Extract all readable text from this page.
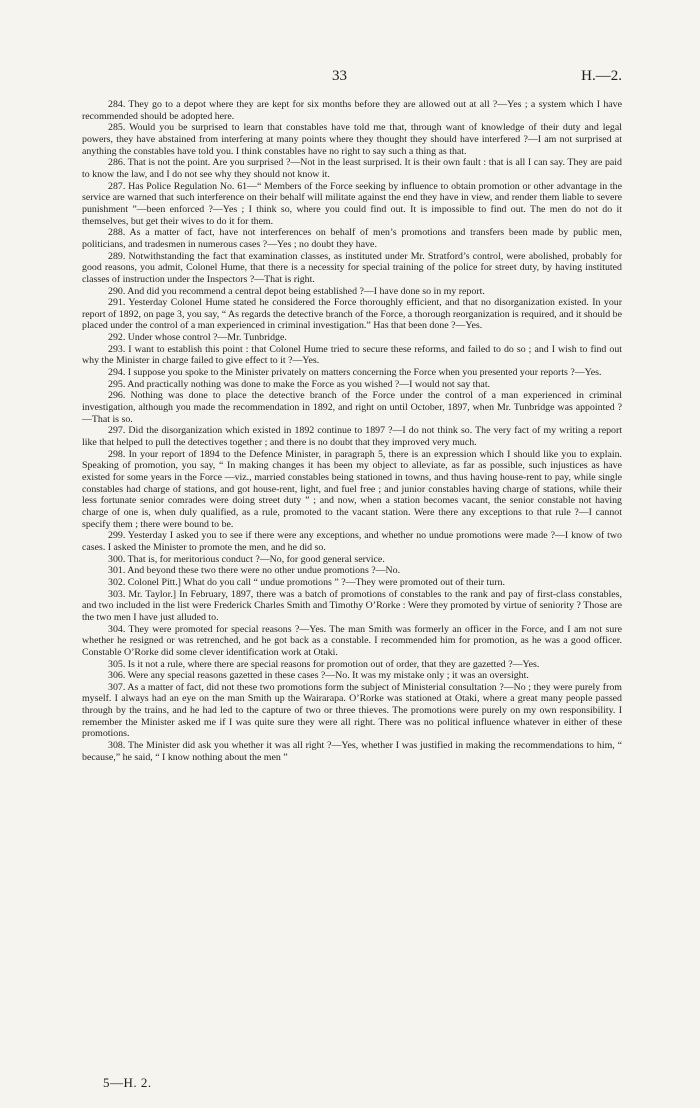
33	H.—2.

284. They go to a depot where they are kept for six months before they are allowed out at all ?—Yes ; a system which I have recommended should be adopted here.

285. Would you be surprised to learn that constables have told me that, through want of knowledge of their duty and legal powers, they have abstained from interfering at many points where they thought they should have interfered ?—I am not surprised at anything the constables have told you. I think constables have no right to say such a thing as that.

286. That is not the point. Are you surprised ?—Not in the least surprised. It is their own fault : that is all I can say. They are paid to know the law, and I do not see why they should not know it.

287. Has Police Regulation No. 61—“ Members of the Force seeking by influence to obtain promotion or other advantage in the service are warned that such interference on their behalf will militate against the end they have in view, and render them liable to severe punishment ”—been enforced ?—Yes ; I think so, where you could find out. It is impossible to find out. The men do not do it themselves, but get their wives to do it for them.

288. As a matter of fact, have not interferences on behalf of men’s promotions and transfers been made by public men, politicians, and tradesmen in numerous cases ?—Yes ; no doubt they have.

289. Notwithstanding the fact that examination classes, as instituted under Mr. Stratford’s control, were abolished, probably for good reasons, you admit, Colonel Hume, that there is a necessity for special training of the police for street duty, by having instituted classes of instruction under the Inspectors ?—That is right.

290. And did you recommend a central depot being established ?—I have done so in my report.

291. Yesterday Colonel Hume stated he considered the Force thoroughly efficient, and that no disorganization existed. In your report of 1892, on page 3, you say, “ As regards the detective branch of the Force, a thorough reorganization is required, and it should be placed under the control of a man experienced in criminal investigation.” Has that been done ?—Yes.

292. Under whose control ?—Mr. Tunbridge.

293. I want to establish this point : that Colonel Hume tried to secure these reforms, and failed to do so ; and I wish to find out why the Minister in charge failed to give effect to it ?—Yes.

294. I suppose you spoke to the Minister privately on matters concerning the Force when you presented your reports ?—Yes.

295. And practically nothing was done to make the Force as you wished ?—I would not say that.

296. Nothing was done to place the detective branch of the Force under the control of a man experienced in criminal investigation, although you made the recommendation in 1892, and right on until October, 1897, when Mr. Tunbridge was appointed ?—That is so.

297. Did the disorganization which existed in 1892 continue to 1897 ?—I do not think so. The very fact of my writing a report like that helped to pull the detectives together ; and there is no doubt that they improved very much.

298. In your report of 1894 to the Defence Minister, in paragraph 5, there is an expression which I should like you to explain. Speaking of promotion, you say, “ In making changes it has been my object to alleviate, as far as possible, such injustices as have existed for some years in the Force —viz., married constables being stationed in towns, and thus having house-rent to pay, while single constables had charge of stations, and got house-rent, light, and fuel free ; and junior constables having charge of stations, while their less fortunate senior comrades were doing street duty ” ; and now, when a station becomes vacant, the senior constable not having charge of one is, when duly qualified, as a rule, promoted to the vacant station. Were there any exceptions to that rule ?—I cannot specify them ; there were bound to be.

299. Yesterday I asked you to see if there were any exceptions, and whether no undue promotions were made ?—I know of two cases. I asked the Minister to promote the men, and he did so.

300. That is, for meritorious conduct ?—No, for good general service.

301. And beyond these two there were no other undue promotions ?—No.

302. Colonel Pitt.] What do you call “ undue promotions ” ?—They were promoted out of their turn.

303. Mr. Taylor.] In February, 1897, there was a batch of promotions of constables to the rank and pay of first-class constables, and two included in the list were Frederick Charles Smith and Timothy O’Rorke : Were they promoted by virtue of seniority ? Those are the two men I have just alluded to.

304. They were promoted for special reasons ?—Yes. The man Smith was formerly an officer in the Force, and I am not sure whether he resigned or was retrenched, and he got back as a constable. I recommended him for promotion, as he was a good officer. Constable O’Rorke did some clever identification work at Otaki.

305. Is it not a rule, where there are special reasons for promotion out of order, that they are gazetted ?—Yes.

306. Were any special reasons gazetted in these cases ?—No. It was my mistake only ; it was an oversight.

307. As a matter of fact, did not these two promotions form the subject of Ministerial consultation ?—No ; they were purely from myself. I always had an eye on the man Smith up the Wairarapa. O’Rorke was stationed at Otaki, where a great many people passed through by the trains, and he had led to the capture of two or three thieves. The promotions were purely on my own responsibility. I remember the Minister asked me if I was quite sure they were all right. There was no political influence whatever in either of these promotions.

308. The Minister did ask you whether it was all right ?—Yes, whether I was justified in making the recommendations to him, “ because,” he said, “ I know nothing about the men ”

5—H. 2.
